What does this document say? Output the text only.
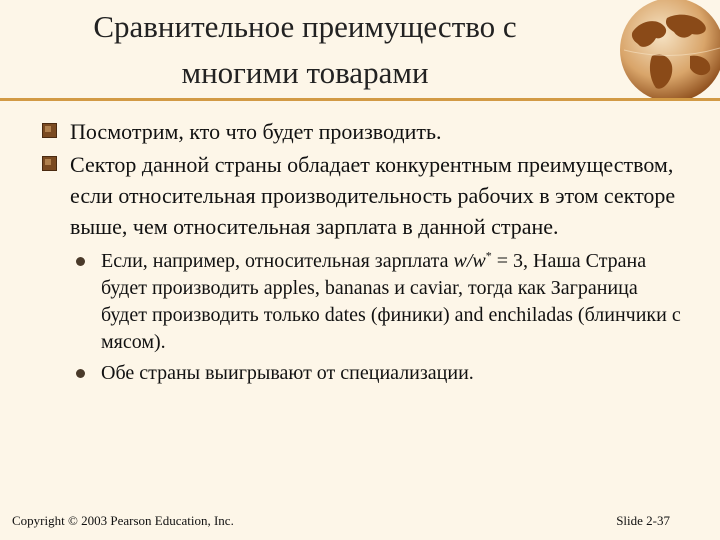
Сравнительное преимущество с
многими товарами
Посмотрим, кто что будет производить.
Сектор данной страны обладает конкурентным преимуществом, если относительная производительность рабочих в этом секторе выше, чем относительная зарплата в данной стране.
Если, например, относительная зарплата w/w* = 3, Наша Страна будет производить apples, bananas и caviar, тогда как Заграница будет производить только dates (финики) and enchiladas (блинчики с мясом).
Обе страны выигрывают от специализации.
Copyright © 2003 Pearson Education, Inc.	Slide 2-37
